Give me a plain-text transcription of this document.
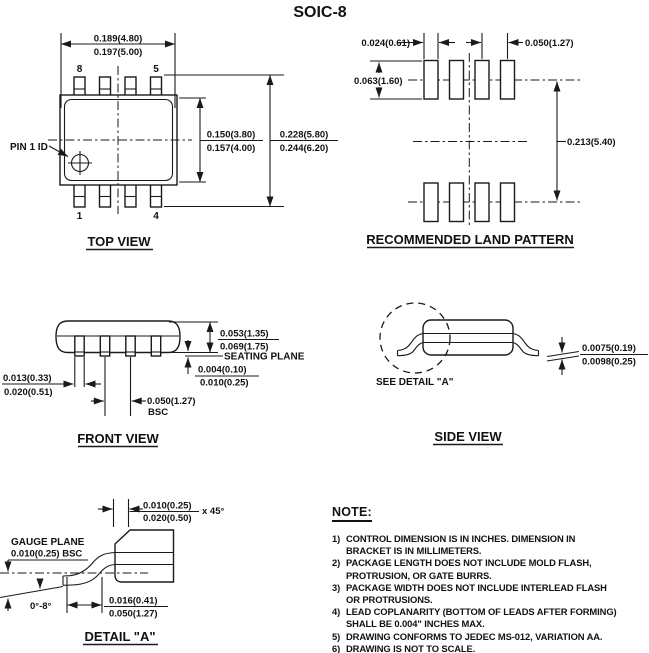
SOIC-8
PIN 1 ID
8	5
1	4
0.189(4.80)
0.197(5.00)
0.150(3.80)
0.157(4.00)
0.228(5.80)
0.244(6.20)
TOP VIEW
0.024(0.61)	0.050(1.27)
0.063(1.60)
0.213(5.40)
RECOMMENDED LAND PATTERN
0.053(1.35)
0.069(1.75)
SEATING PLANE
0.004(0.10)
0.010(0.25)
0.013(0.33)
0.020(0.51)
0.050(1.27)
BSC
FRONT VIEW
SEE DETAIL "A"
0.0075(0.19)
0.0098(0.25)
SIDE VIEW
0.010(0.25)
0.020(0.50)
x 45°
GAUGE PLANE
0.010(0.25) BSC
0°-8°	0.016(0.41)
0.050(1.27)
DETAIL "A"
NOTE:
1) CONTROL DIMENSION IS IN INCHES. DIMENSION IN
BRACKET IS IN MILLIMETERS.
2) PACKAGE LENGTH DOES NOT INCLUDE MOLD FLASH,
PROTRUSION, OR GATE BURRS.
3) PACKAGE WIDTH DOES NOT INCLUDE INTERLEAD FLASH
OR PROTRUSIONS.
4) LEAD COPLANARITY (BOTTOM OF LEADS AFTER FORMING)
SHALL BE 0.004" INCHES MAX.
5) DRAWING CONFORMS TO JEDEC MS-012, VARIATION AA.
6) DRAWING IS NOT TO SCALE.
